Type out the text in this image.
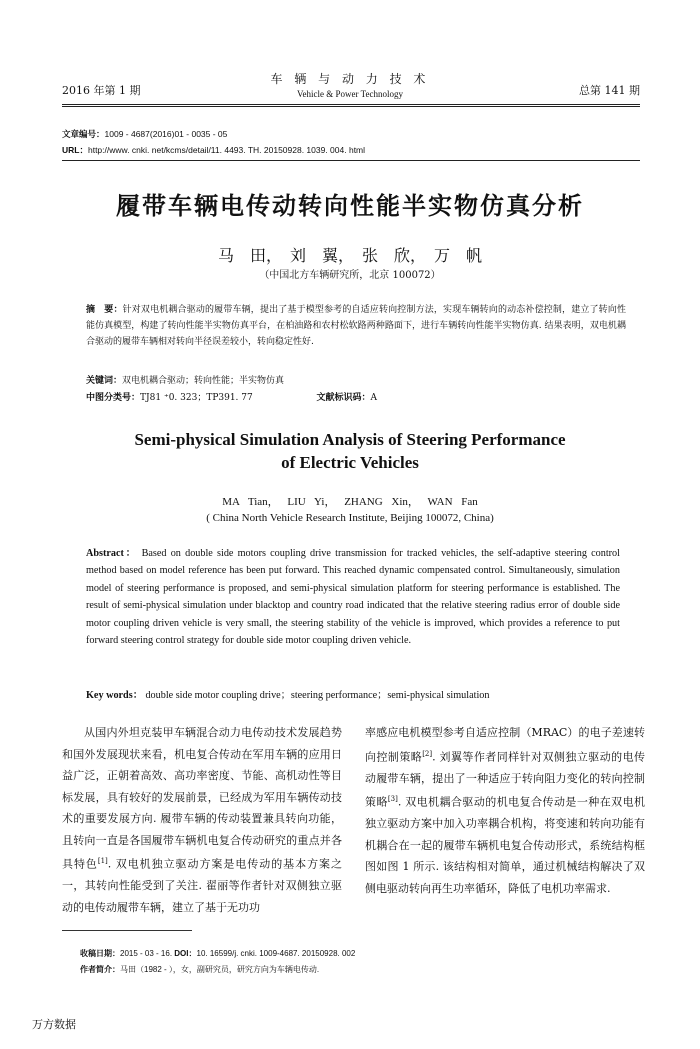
2016 年第 1 期
车 辆 与 动 力 技 术
Vehicle & Power Technology	总第 141 期
文章编号：1009 - 4687(2016)01 - 0035 - 05
URL：http://www. cnki. net/kcms/detail/11. 4493. TH. 20150928. 1039. 004. html
履带车辆电传动转向性能半实物仿真分析
马　田，　刘　翼，　张　欣，　万　帆
（中国北方车辆研究所，北京 100072）
摘　要：针对双电机耦合驱动的履带车辆，提出了基于模型参考的自适应转向控制方法，实现车辆转向的动态补偿控制，建立了转向性能仿真模型，构建了转向性能半实物仿真平台，在柏油路和农村松软路两种路面下，进行车辆转向性能半实物仿真. 结果表明，双电机耦合驱动的履带车辆相对转向半径误差较小，转向稳定性好.
关键词：双电机耦合驱动；转向性能；半实物仿真
中图分类号：TJ81 ⁺0. 323；TP391. 77	文献标识码：A
Semi-physical Simulation Analysis of Steering Performance
of Electric Vehicles
MA Tian， LIU Yi， ZHANG Xin， WAN Fan
( China North Vehicle Research Institute, Beijing 100072, China)
Abstract： Based on double side motors coupling drive transmission for tracked vehicles, the self-adaptive steering control method based on model reference has been put forward. This reached dynamic compensated control. Simultaneously, simulation model of steering performance is proposed, and semi-physical simulation platform for steering performance is established. The result of semi-physical simulation under blacktop and country road indicated that the relative steering radius error of double side motor coupling driven vehicle is very small, the steering stability of the vehicle is improved, which provides a reference to put forward steering control strategy for double side motor coupling driven vehicle.
Key words： double side motor coupling drive；steering performance；semi-physical simulation
从国内外坦克装甲车辆混合动力电传动技术发展趋势和国外发展现状来看，机电复合传动在军用车辆的应用日益广泛，正朝着高效、高功率密度、节能、高机动性等目标发展，具有较好的发展前景，已经成为军用车辆传动技术的重要发展方向. 履带车辆的传动装置兼具转向功能，且转向一直是各国履带车辆机电复合传动研究的重点并各具特色[1]. 双电机独立驱动方案是电传动的基本方案之一，其转向性能受到了关注. 翟丽等作者针对双侧独立驱动的电传动履带车辆，建立了基于无功功
率感应电机模型参考自适应控制（MRAC）的电子差速转向控制策略[2]. 刘翼等作者同样针对双侧独立驱动的电传动履带车辆，提出了一种适应于转向阻力变化的转向控制策略[3]. 双电机耦合驱动的机电复合传动是一种在双电机独立驱动方案中加入功率耦合机构，将变速和转向功能有机耦合在一起的履带车辆机电复合传动形式，系统结构框图如图 1 所示. 该结构相对简单，通过机械结构解决了双侧电驱动转向再生功率循环，降低了电机功率需求.
收稿日期：2015 - 03 - 16. DOI：10. 16599/j. cnki. 1009-4687. 20150928. 002
作者简介：马田（1982 - ），女，副研究员，研究方向为车辆电传动.
万方数据
